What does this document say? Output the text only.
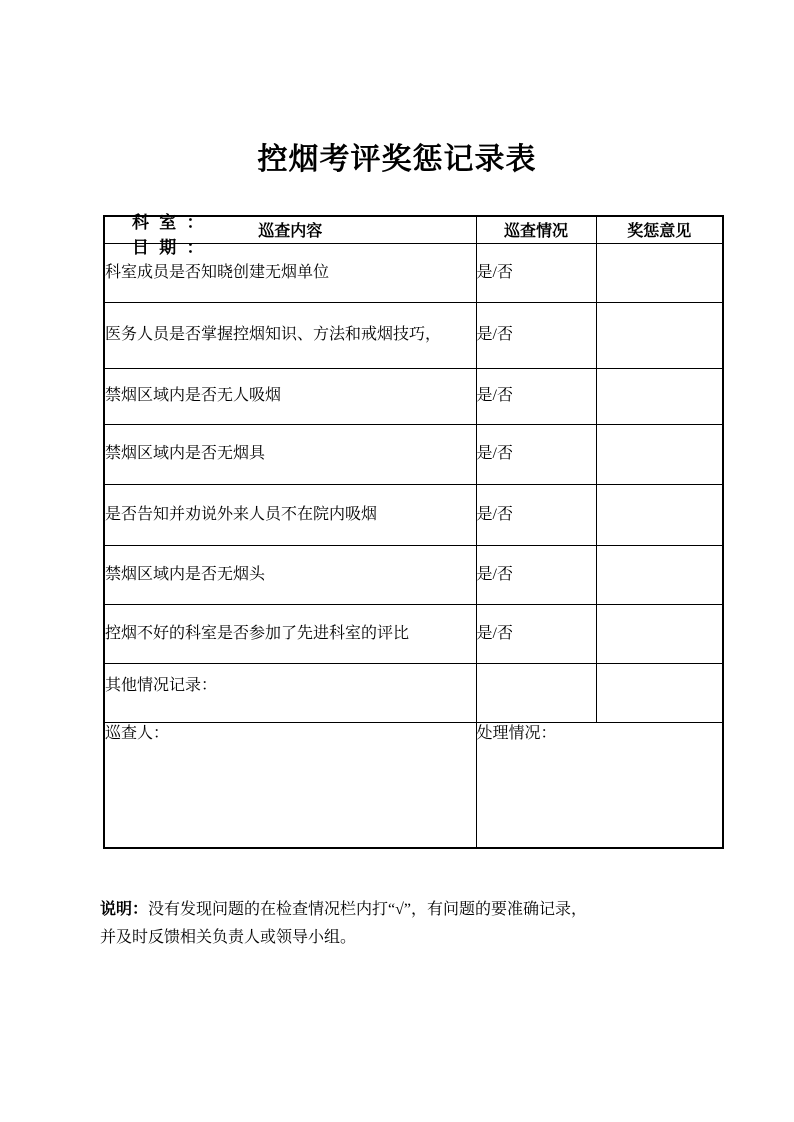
控烟考评奖惩记录表

科 室 ：
日 期 ：

巡查内容	巡查情况	奖惩意见
科室成员是否知晓创建无烟单位	是/否	
医务人员是否掌握控烟知识、方法和戒烟技巧，	是/否	
禁烟区域内是否无人吸烟	是/否	
禁烟区域内是否无烟具	是/否	
是否告知并劝说外来人员不在院内吸烟	是/否	
禁烟区域内是否无烟头	是/否	
控烟不好的科室是否参加了先进科室的评比	是/否	
其他情况记录：		
巡查人：	处理情况：	
说明：没有发现问题的在检查情况栏内打“√”，有问题的要准确记录，
并及时反馈相关负责人或领导小组。
